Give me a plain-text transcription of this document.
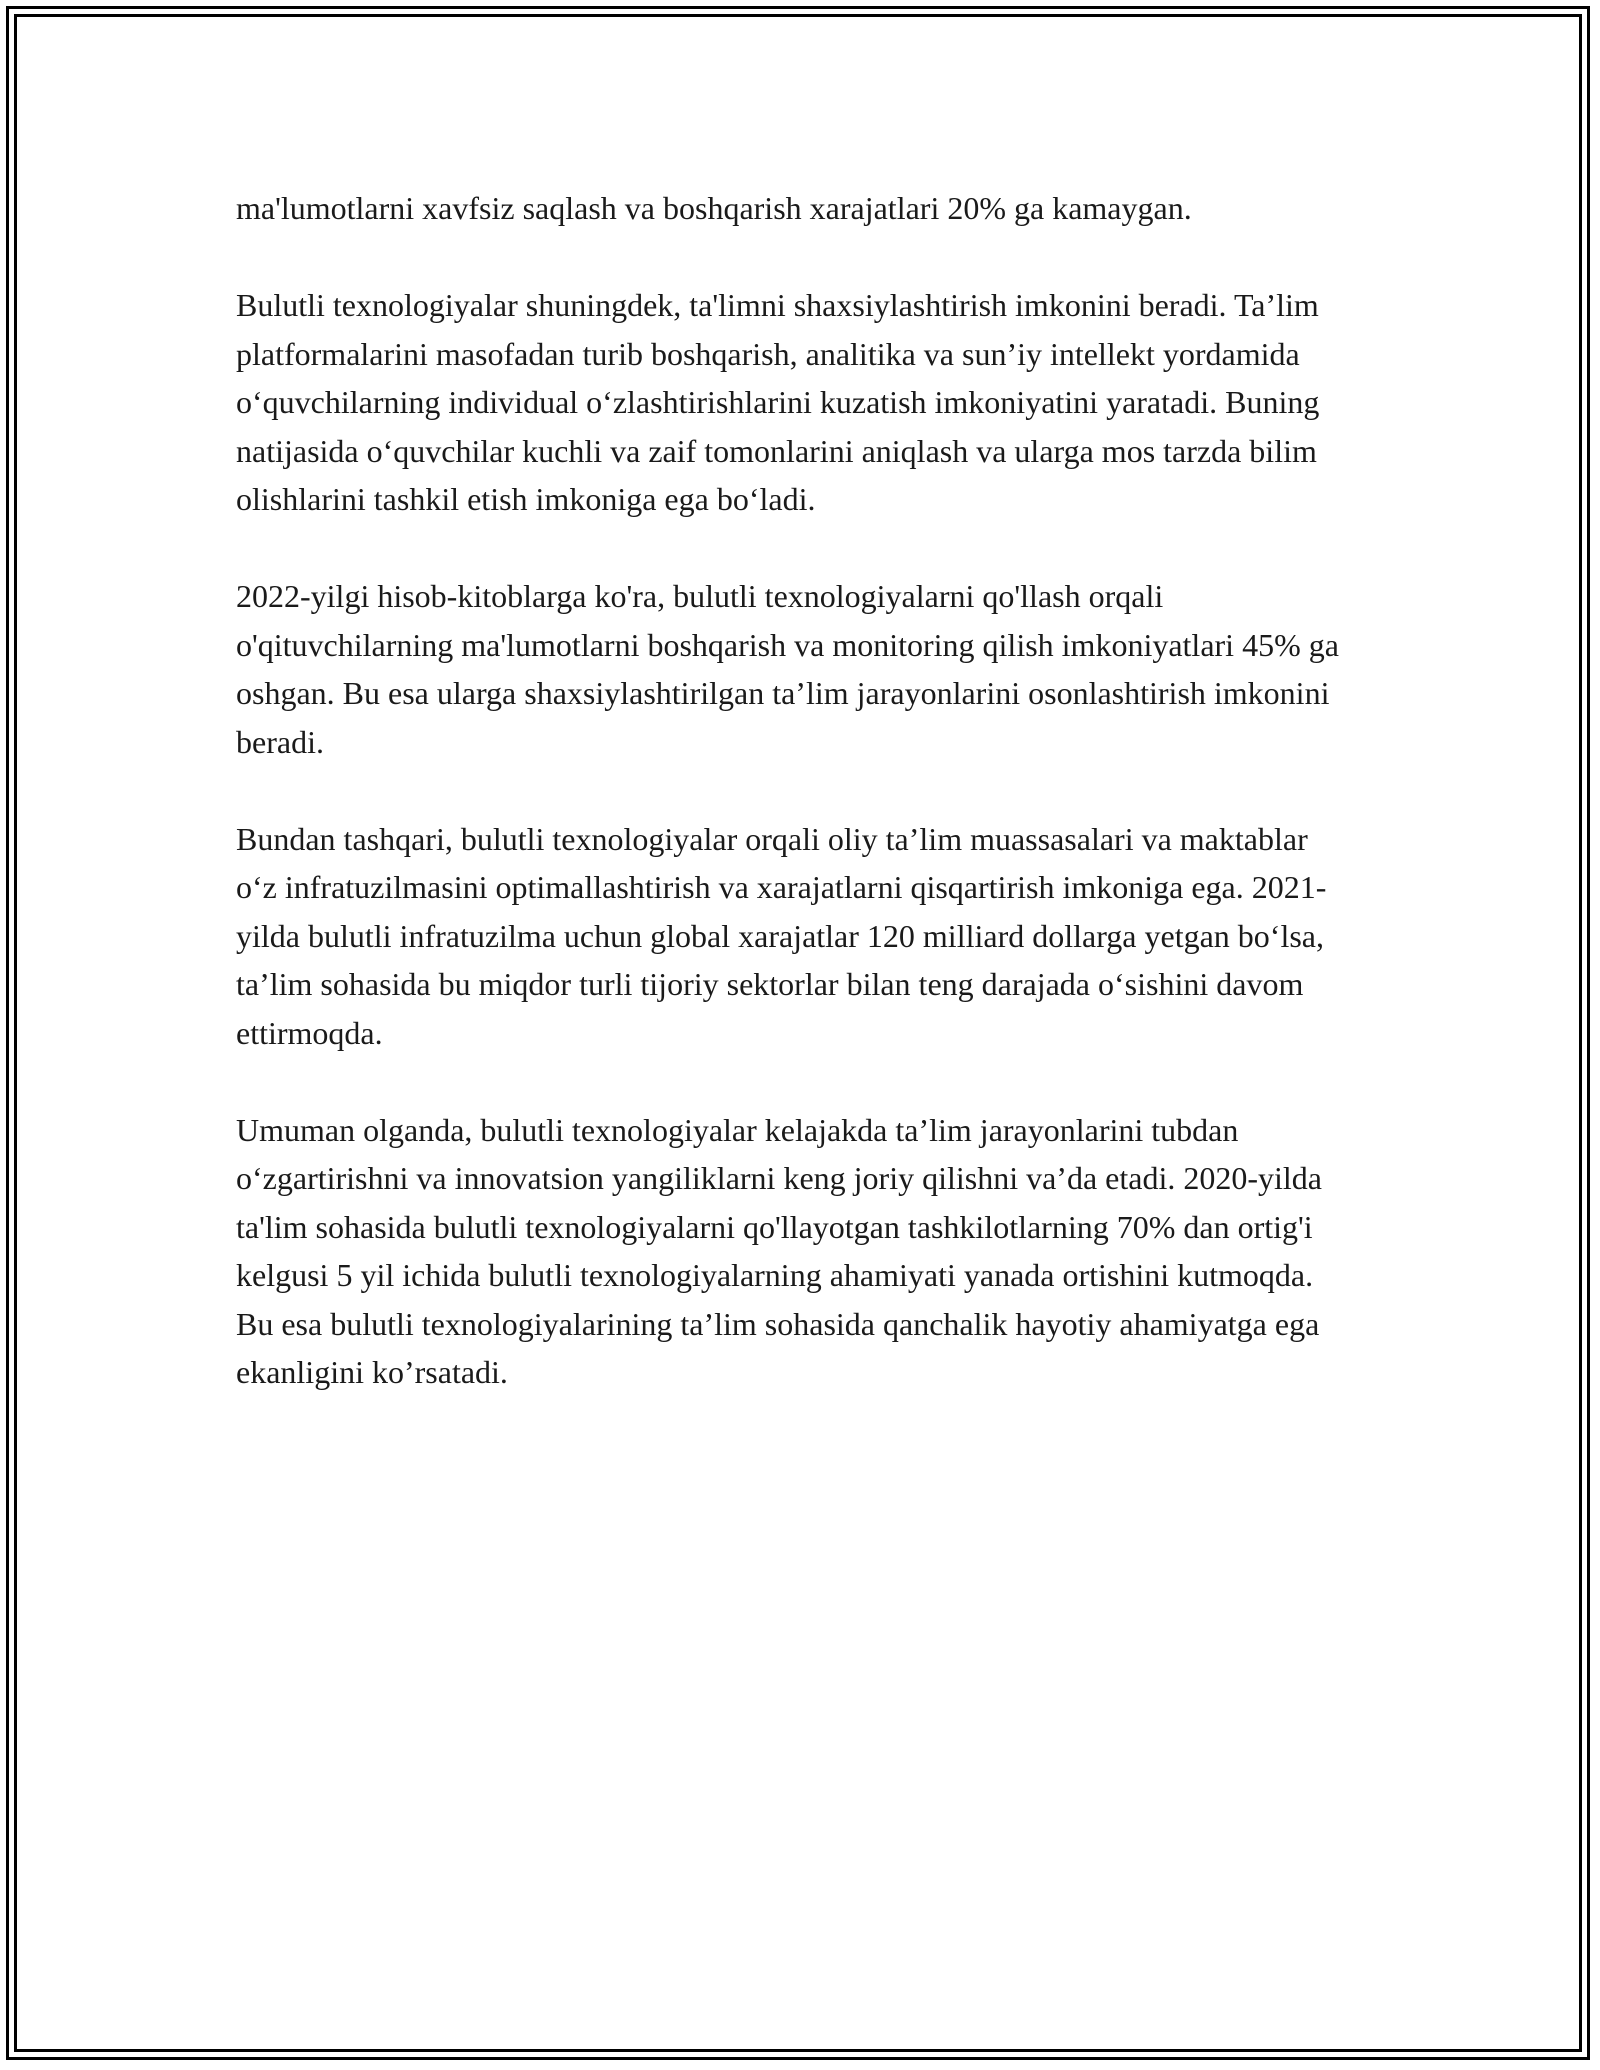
ma'lumotlarni xavfsiz saqlash va boshqarish xarajatlari 20% ga kamaygan.

Bulutli texnologiyalar shuningdek, ta'limni shaxsiylashtirish imkonini beradi. Ta’lim platformalarini masofadan turib boshqarish, analitika va sun’iy intellekt yordamida o‘quvchilarning individual o‘zlashtirishlarini kuzatish imkoniyatini yaratadi. Buning natijasida o‘quvchilar kuchli va zaif tomonlarini aniqlash va ularga mos tarzda bilim olishlarini tashkil etish imkoniga ega bo‘ladi.

2022-yilgi hisob-kitoblarga ko'ra, bulutli texnologiyalarni qo'llash orqali o'qituvchilarning ma'lumotlarni boshqarish va monitoring qilish imkoniyatlari 45% ga oshgan. Bu esa ularga shaxsiylashtirilgan ta’lim jarayonlarini osonlashtirish imkonini beradi.

Bundan tashqari, bulutli texnologiyalar orqali oliy ta’lim muassasalari va maktablar o‘z infratuzilmasini optimallashtirish va xarajatlarni qisqartirish imkoniga ega. 2021-yilda bulutli infratuzilma uchun global xarajatlar 120 milliard dollarga yetgan bo‘lsa, ta’lim sohasida bu miqdor turli tijoriy sektorlar bilan teng darajada o‘sishini davom ettirmoqda.

Umuman olganda, bulutli texnologiyalar kelajakda ta’lim jarayonlarini tubdan o‘zgartirishni va innovatsion yangiliklarni keng joriy qilishni va’da etadi. 2020-yilda ta'lim sohasida bulutli texnologiyalarni qo'llayotgan tashkilotlarning 70% dan ortig'i kelgusi 5 yil ichida bulutli texnologiyalarning ahamiyati yanada ortishini kutmoqda. Bu esa bulutli texnologiyalarining ta’lim sohasida qanchalik hayotiy ahamiyatga ega ekanligini ko’rsatadi.
